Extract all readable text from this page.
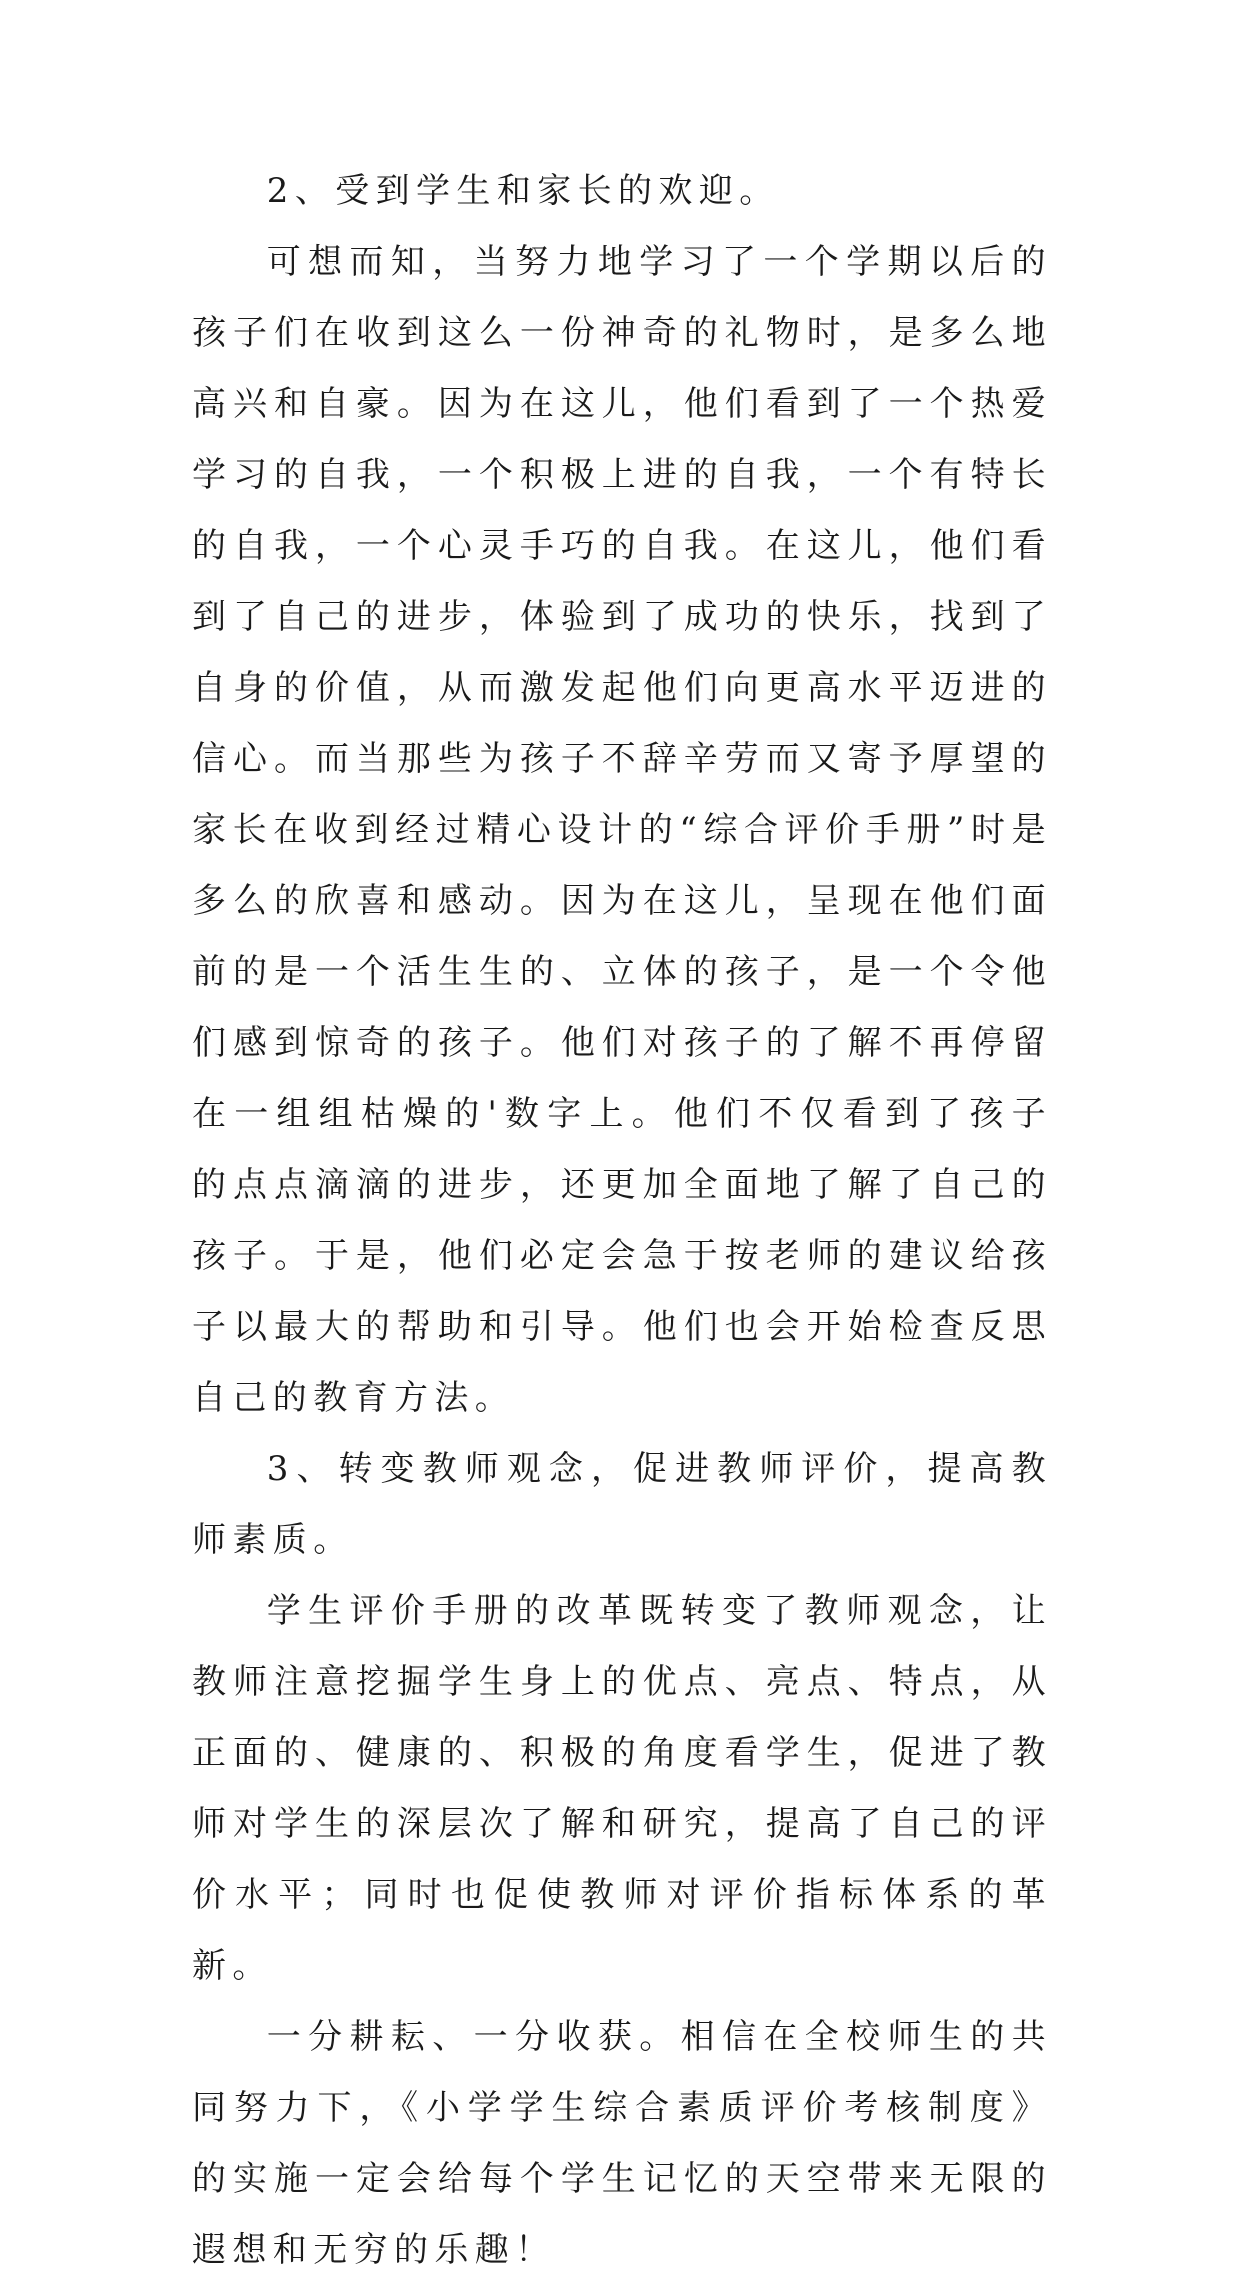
2、受到学生和家长的欢迎。

可想而知，当努力地学习了一个学期以后的孩子们在收到这么一份神奇的礼物时，是多么地高兴和自豪。因为在这儿，他们看到了一个热爱学习的自我，一个积极上进的自我，一个有特长的自我，一个心灵手巧的自我。在这儿，他们看到了自己的进步，体验到了成功的快乐，找到了自身的价值，从而激发起他们向更高水平迈进的信心。而当那些为孩子不辞辛劳而又寄予厚望的家长在收到经过精心设计的“综合评价手册”时是多么的欣喜和感动。因为在这儿，呈现在他们面前的是一个活生生的、立体的孩子，是一个令他们感到惊奇的孩子。他们对孩子的了解不再停留在一组组枯燥的'数字上。他们不仅看到了孩子的点点滴滴的进步，还更加全面地了解了自己的孩子。于是，他们必定会急于按老师的建议给孩子以最大的帮助和引导。他们也会开始检查反思自己的教育方法。

3、转变教师观念，促进教师评价，提高教师素质。

学生评价手册的改革既转变了教师观念，让教师注意挖掘学生身上的优点、亮点、特点，从正面的、健康的、积极的角度看学生，促进了教师对学生的深层次了解和研究，提高了自己的评价水平；同时也促使教师对评价指标体系的革新。

一分耕耘、一分收获。相信在全校师生的共同努力下，《小学学生综合素质评价考核制度》的实施一定会给每个学生记忆的天空带来无限的遐想和无穷的乐趣！
